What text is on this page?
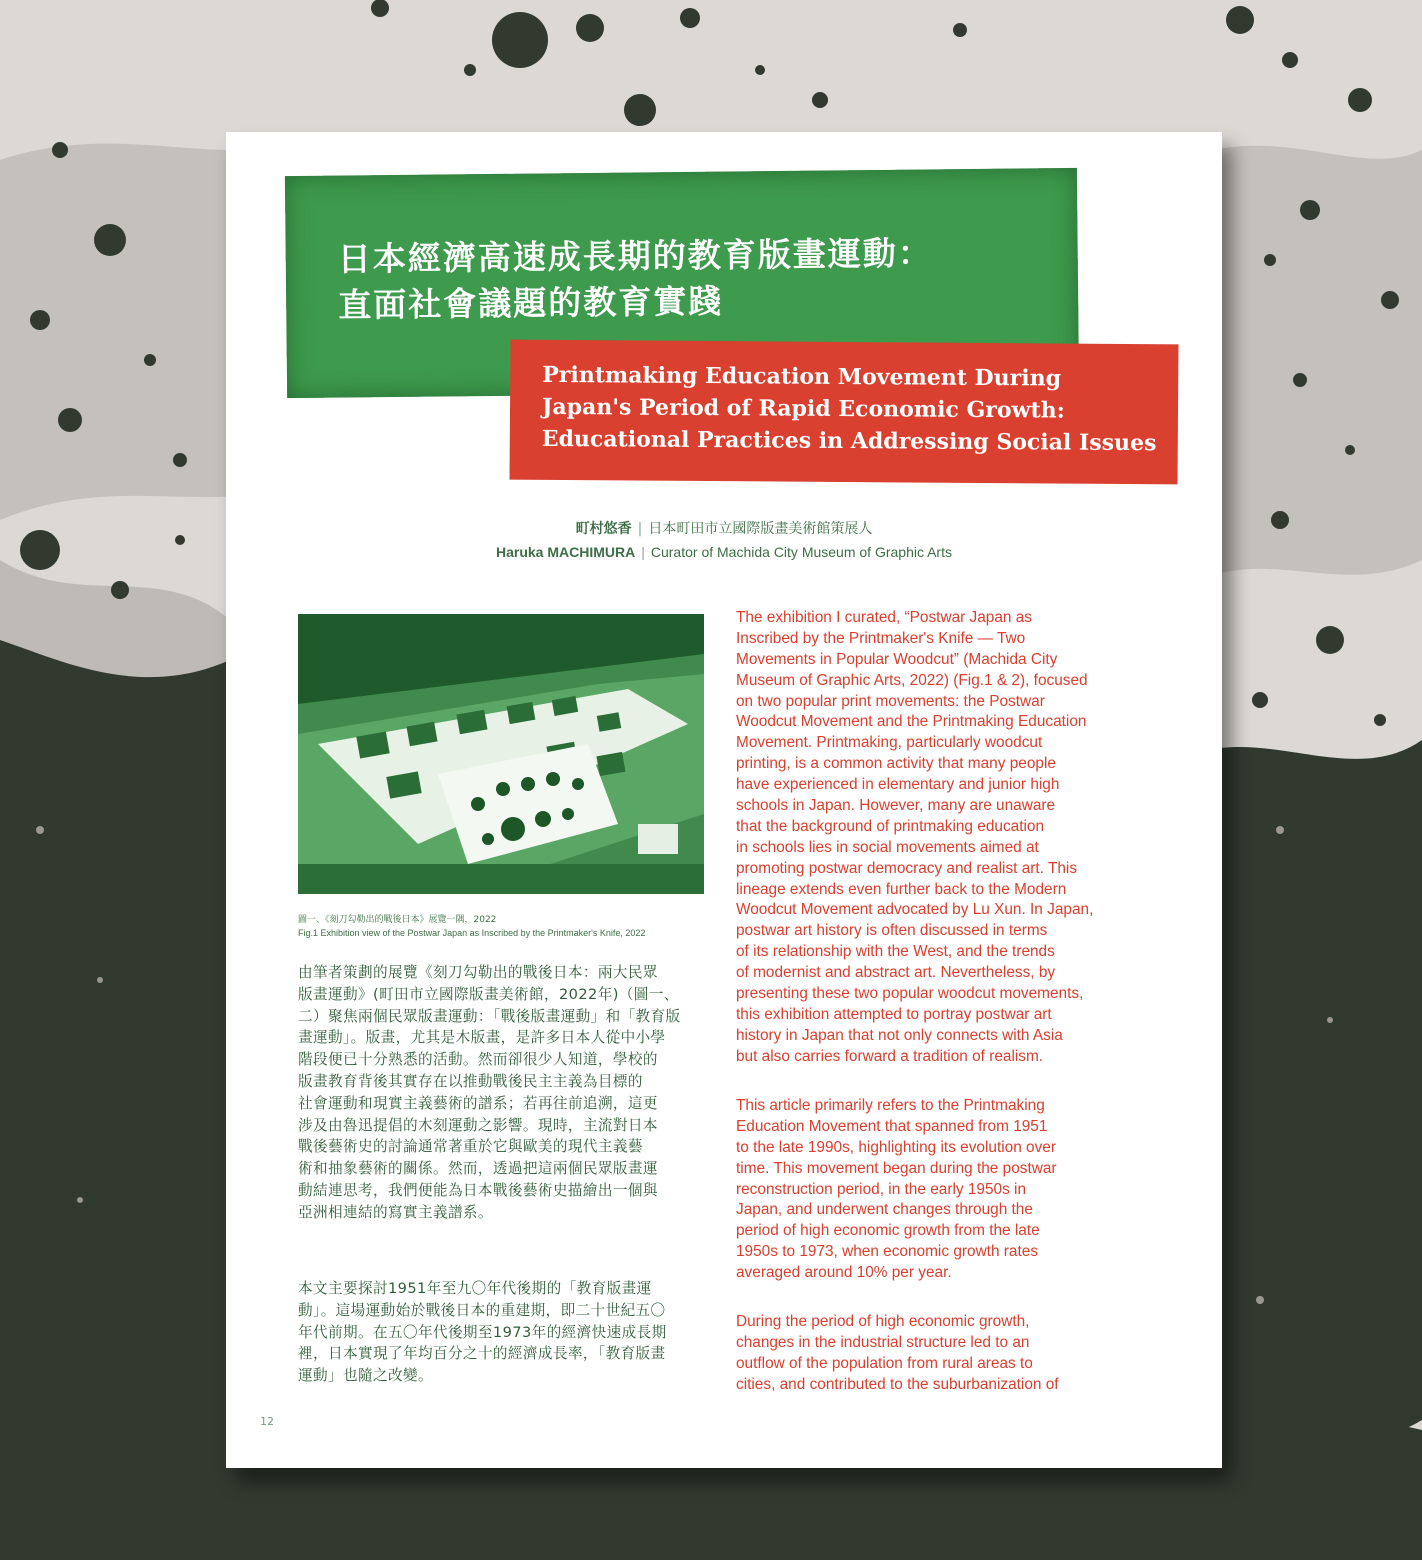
日本經濟高速成長期的教育版畫運動：
直面社會議題的教育實踐
Printmaking Education Movement During
Japan's Period of Rapid Economic Growth:
Educational Practices in Addressing Social Issues
町村悠香 | 日本町田市立國際版畫美術館策展人
Haruka MACHIMURA | Curator of Machida City Museum of Graphic Arts
圖一、《刻刀勾勒出的戰後日本》展覽一隅，2022
Fig.1 Exhibition view of the Postwar Japan as Inscribed by the Printmaker's Knife, 2022
由筆者策劃的展覽《刻刀勾勒出的戰後日本：兩大民眾
版畫運動》(町田市立國際版畫美術館，2022年)（圖一、
二）聚焦兩個民眾版畫運動：「戰後版畫運動」和「教育版
畫運動」。版畫，尤其是木版畫，是許多日本人從中小學
階段便已十分熟悉的活動。然而卻很少人知道，學校的
版畫教育背後其實存在以推動戰後民主主義為目標的
社會運動和現實主義藝術的譜系；若再往前追溯，這更
涉及由魯迅提倡的木刻運動之影響。現時，主流對日本
戰後藝術史的討論通常著重於它與歐美的現代主義藝
術和抽象藝術的關係。然而，透過把這兩個民眾版畫運
動結連思考，我們便能為日本戰後藝術史描繪出一個與
亞洲相連結的寫實主義譜系。
本文主要探討1951年至九〇年代後期的「教育版畫運
動」。這場運動始於戰後日本的重建期，即二十世紀五〇
年代前期。在五〇年代後期至1973年的經濟快速成長期
裡，日本實現了年均百分之十的經濟成長率，「教育版畫
運動」也隨之改變。
The exhibition I curated, “Postwar Japan as
Inscribed by the Printmaker's Knife — Two
Movements in Popular Woodcut” (Machida City
Museum of Graphic Arts, 2022) (Fig.1 & 2), focused
on two popular print movements: the Postwar
Woodcut Movement and the Printmaking Education
Movement. Printmaking, particularly woodcut
printing, is a common activity that many people
have experienced in elementary and junior high
schools in Japan. However, many are unaware
that the background of printmaking education
in schools lies in social movements aimed at
promoting postwar democracy and realist art. This
lineage extends even further back to the Modern
Woodcut Movement advocated by Lu Xun. In Japan,
postwar art history is often discussed in terms
of its relationship with the West, and the trends
of modernist and abstract art. Nevertheless, by
presenting these two popular woodcut movements,
this exhibition attempted to portray postwar art
history in Japan that not only connects with Asia
but also carries forward a tradition of realism.
This article primarily refers to the Printmaking
Education Movement that spanned from 1951
to the late 1990s, highlighting its evolution over
time. This movement began during the postwar
reconstruction period, in the early 1950s in
Japan, and underwent changes through the
period of high economic growth from the late
1950s to 1973, when economic growth rates
averaged around 10% per year.
During the period of high economic growth,
changes in the industrial structure led to an
outflow of the population from rural areas to
cities, and contributed to the suburbanization of
12
